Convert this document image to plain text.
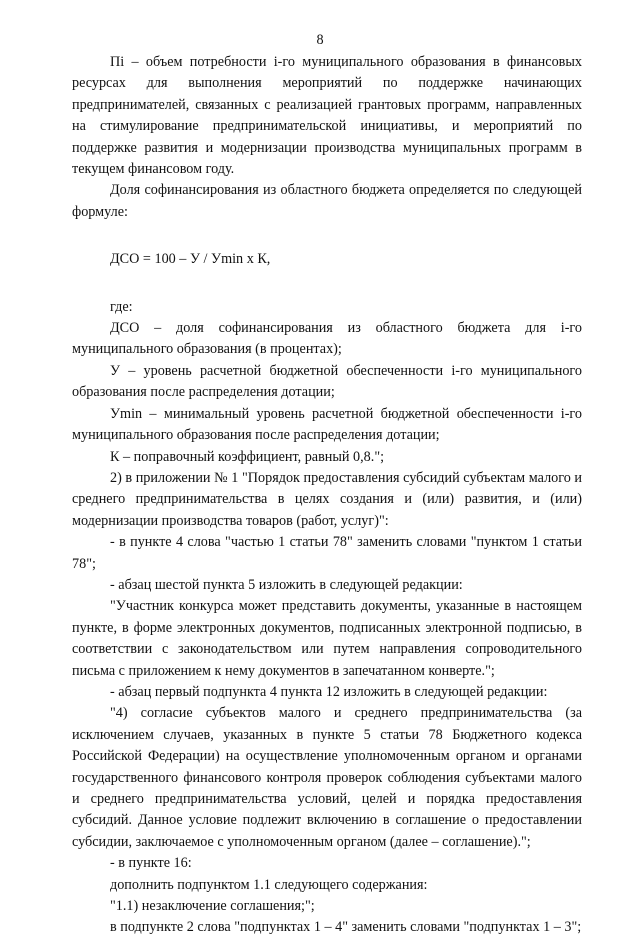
8

Пi – объем потребности i-го муниципального образования в финансовых ресурсах для выполнения мероприятий по поддержке начинающих предпринимателей, связанных с реализацией грантовых программ, направленных на стимулирование предпринимательской инициативы, и мероприятий по поддержке развития и модернизации производства муниципальных программ в текущем финансовом году.

Доля софинансирования из областного бюджета определяется по следующей формуле:

ДСО = 100 – У / Уmin х К,

где:

ДСО – доля софинансирования из областного бюджета для i-го муниципального образования (в процентах);

У – уровень расчетной бюджетной обеспеченности i-го муниципального образования после распределения дотации;

Уmin – минимальный уровень расчетной бюджетной обеспеченности i-го муниципального образования после распределения дотации;

К – поправочный коэффициент, равный 0,8.";

2) в приложении № 1 "Порядок предоставления субсидий субъектам малого и среднего предпринимательства в целях создания и (или) развития, и (или) модернизации производства товаров (работ, услуг)":

- в пункте 4 слова "частью 1 статьи 78" заменить словами "пунктом 1 статьи 78";

- абзац шестой пункта 5 изложить в следующей редакции:

"Участник конкурса может представить документы, указанные в настоящем пункте, в форме электронных документов, подписанных электронной подписью, в соответствии с законодательством или путем направления сопроводительного письма с приложением к нему документов в запечатанном конверте.";

- абзац первый подпункта 4 пункта 12 изложить в следующей редакции:

"4) согласие субъектов малого и среднего предпринимательства (за исключением случаев, указанных в пункте 5 статьи 78 Бюджетного кодекса Российской Федерации) на осуществление уполномоченным органом и органами государственного финансового контроля проверок соблюдения субъектами малого и среднего предпринимательства условий, целей и порядка предоставления субсидий. Данное условие подлежит включению в соглашение о предоставлении субсидии, заключаемое с уполномоченным органом (далее – соглашение).";

- в пункте 16:

дополнить подпунктом 1.1 следующего содержания:

"1.1) незаключение соглашения;";

в подпункте 2 слова "подпунктах 1 – 4" заменить словами "подпунктах 1 – 3";
